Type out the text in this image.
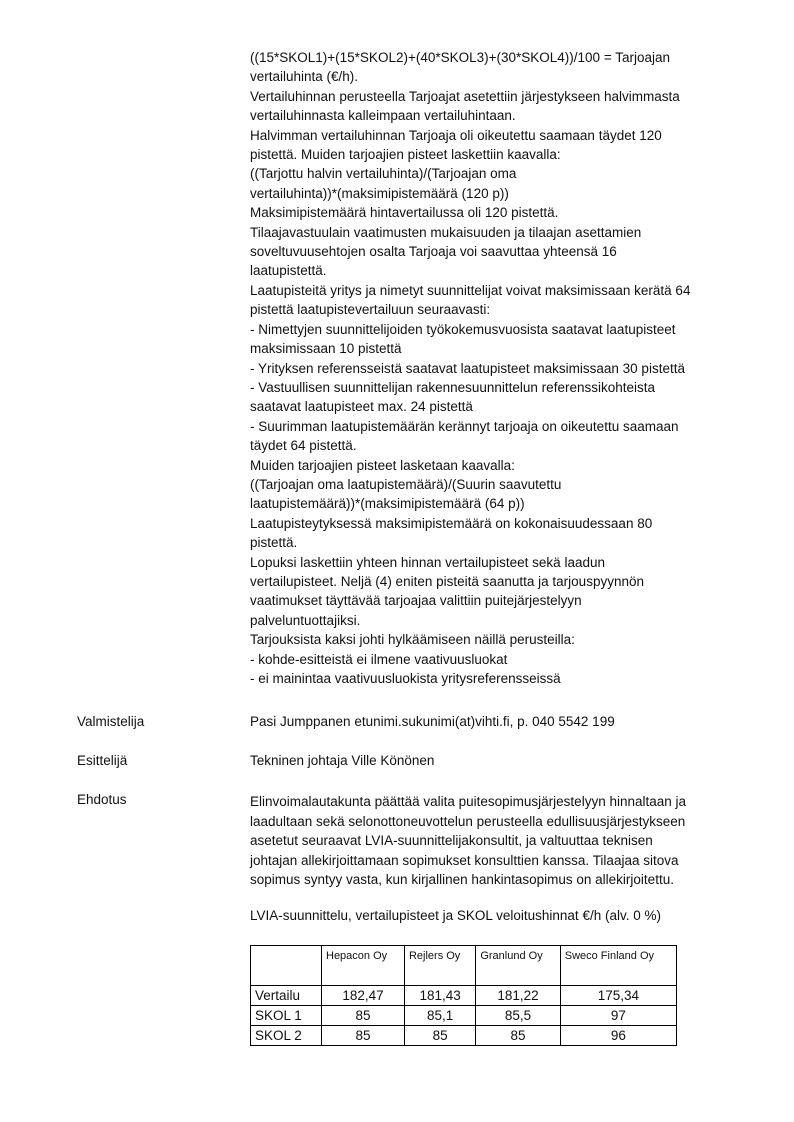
((15*SKOL1)+(15*SKOL2)+(40*SKOL3)+(30*SKOL4))/100 = Tarjoajan
vertailuhinta (€/h).
Vertailuhinnan perusteella Tarjoajat asetettiin järjestykseen halvimmasta
vertailuhinnasta kalleimpaan vertailuhintaan.
Halvimman vertailuhinnan Tarjoaja oli oikeutettu saamaan täydet 120
pistettä. Muiden tarjoajien pisteet laskettiin kaavalla:
((Tarjottu halvin vertailuhinta)/(Tarjoajan oma
vertailuhinta))*(maksimipistemäärä (120 p))
Maksimipistemäärä hintavertailussa oli 120 pistettä.
Tilaajavastuulain vaatimusten mukaisuuden ja tilaajan asettamien
soveltuvuusehtojen osalta Tarjoaja voi saavuttaa yhteensä 16
laatupistettä.
Laatupisteitä yritys ja nimetyt suunnittelijat voivat maksimissaan kerätä 64
pistettä laatupistevertailuun seuraavasti:
- Nimettyjen suunnittelijoiden työkokemusvuosista saatavat laatupisteet
maksimissaan 10 pistettä
- Yrityksen referensseistä saatavat laatupisteet maksimissaan 30 pistettä
- Vastuullisen suunnittelijan rakennesuunnittelun referenssikohteista
saatavat laatupisteet max. 24 pistettä
- Suurimman laatupistemäärän kerännyt tarjoaja on oikeutettu saamaan
täydet 64 pistettä.
Muiden tarjoajien pisteet lasketaan kaavalla:
((Tarjoajan oma laatupistemäärä)/(Suurin saavutettu
laatupistemäärä))*(maksimipistemäärä (64 p))
Laatupisteytyksessä maksimipistemäärä on kokonaisuudessaan 80
pistettä.
Lopuksi laskettiin yhteen hinnan vertailupisteet sekä laadun
vertailupisteet. Neljä (4) eniten pisteitä saanutta ja tarjouspyynnön
vaatimukset täyttävää tarjoajaa valittiin puitejärjestelyyn
palveluntuottajiksi.
Tarjouksista kaksi johti hylkäämiseen näillä perusteilla:
- kohde-esitteistä ei ilmene vaativuusluokat
- ei mainintaa vaativuusluokista yritysreferensseissä
Valmistelija	Pasi Jumppanen etunimi.sukunimi(at)vihti.fi, p. 040 5542 199
Esittelijä	Tekninen johtaja Ville Könönen
Ehdotus	Elinvoimalautakunta päättää valita puitesopimusjärjestelyyn hinnaltaan ja
laadultaan sekä selonottoneuvottelun perusteella edullisuusjärjestykseen
asetetut seuraavat LVIA-suunnittelijakonsultit, ja valtuuttaa teknisen
johtajan allekirjoittamaan sopimukset konsulttien kanssa. Tilaajaa sitova
sopimus syntyy vasta, kun kirjallinen hankintasopimus on allekirjoitettu.
LVIA-suunnittelu, vertailupisteet ja SKOL veloitushinnat €/h (alv. 0 %)
	Hepacon Oy	Rejlers Oy	Granlund Oy	Sweco Finland Oy
Vertailu	182,47	181,43	181,22	175,34
SKOL 1	85	85,1	85,5	97
SKOL 2	85	85	85	96
